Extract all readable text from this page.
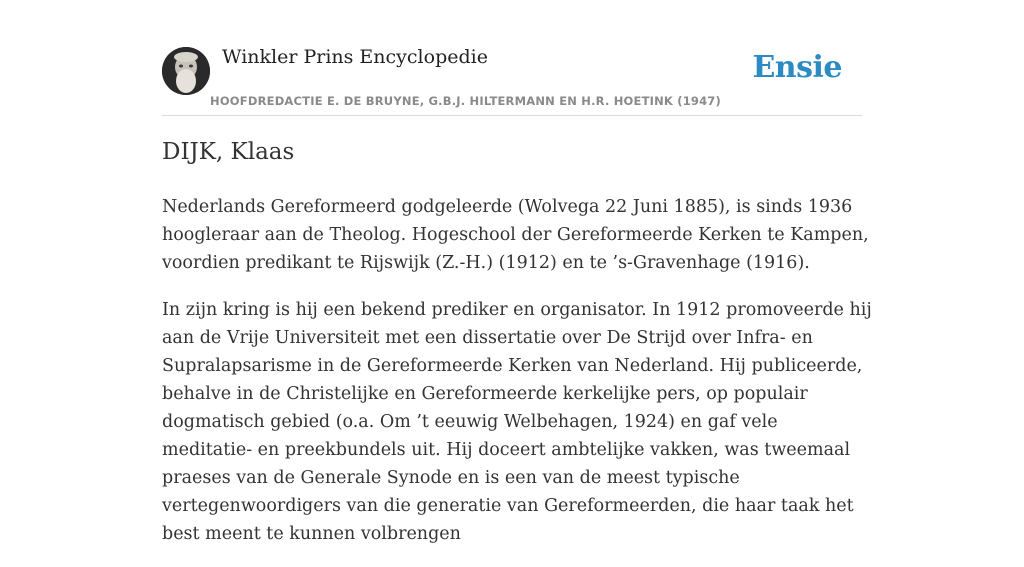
Winkler Prins Encyclopedie
HOOFDREDACTIE E. DE BRUYNE, G.B.J. HILTERMANN EN H.R. HOETINK (1947)
Ensie
DIJK, Klaas

Nederlands Gereformeerd godgeleerde (Wolvega 22 Juni 1885), is sinds 1936 hoogleraar aan de Theolog. Hogeschool der Gereformeerde Kerken te Kampen, voordien predikant te Rijswijk (Z.-H.) (1912) en te ’s-Gravenhage (1916).

In zijn kring is hij een bekend prediker en organisator. In 1912 promoveerde hij aan de Vrije Universiteit met een dissertatie over De Strijd over Infra- en Supralapsarisme in de Gereformeerde Kerken van Nederland. Hij publiceerde, behalve in de Christelijke en Gereformeerde kerkelijke pers, op populair dogmatisch gebied (o.a. Om ’t eeuwig Welbehagen, 1924) en gaf vele meditatie- en preekbundels uit. Hij doceert ambtelijke vakken, was tweemaal praeses van de Generale Synode en is een van de meest typische vertegenwoordigers van die generatie van Gereformeerden, die haar taak het best meent te kunnen volbrengen
